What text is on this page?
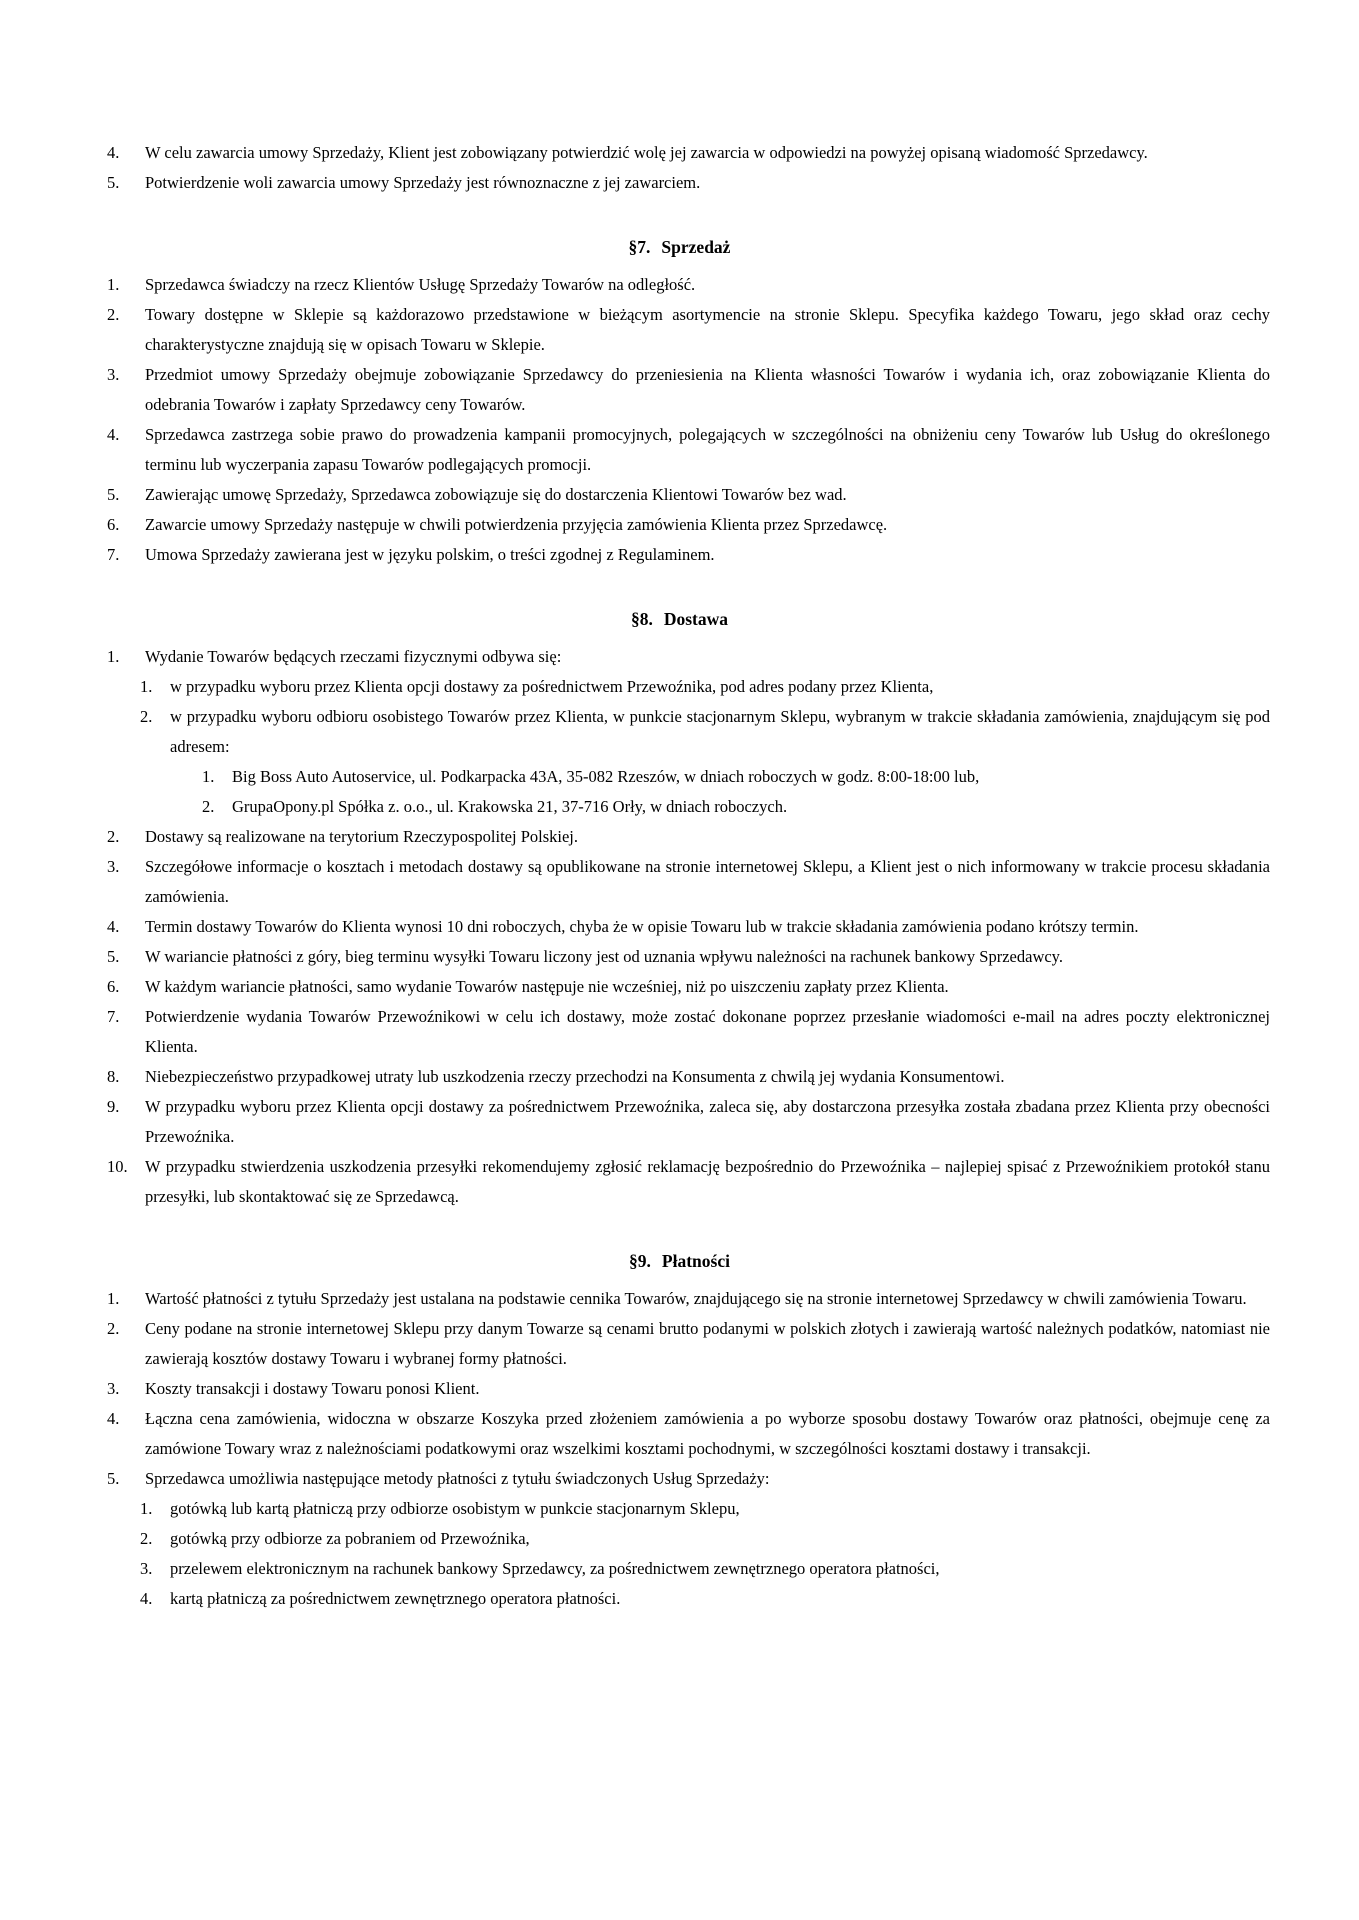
4.	W celu zawarcia umowy Sprzedaży, Klient jest zobowiązany potwierdzić wolę jej zawarcia w odpowiedzi na powyżej opisaną wiadomość Sprzedawcy.
5.	Potwierdzenie woli zawarcia umowy Sprzedaży jest równoznaczne z jej zawarciem.
§7. Sprzedaż
1.	Sprzedawca świadczy na rzecz Klientów Usługę Sprzedaży Towarów na odległość.
2.	Towary dostępne w Sklepie są każdorazowo przedstawione w bieżącym asortymencie na stronie Sklepu. Specyfika każdego Towaru, jego skład oraz cechy charakterystyczne znajdują się w opisach Towaru w Sklepie.
3.	Przedmiot umowy Sprzedaży obejmuje zobowiązanie Sprzedawcy do przeniesienia na Klienta własności Towarów i wydania ich, oraz zobowiązanie Klienta do odebrania Towarów i zapłaty Sprzedawcy ceny Towarów.
4.	Sprzedawca zastrzega sobie prawo do prowadzenia kampanii promocyjnych, polegających w szczególności na obniżeniu ceny Towarów lub Usług do określonego terminu lub wyczerpania zapasu Towarów podlegających promocji.
5.	Zawierając umowę Sprzedaży, Sprzedawca zobowiązuje się do dostarczenia Klientowi Towarów bez wad.
6.	Zawarcie umowy Sprzedaży następuje w chwili potwierdzenia przyjęcia zamówienia Klienta przez Sprzedawcę.
7.	Umowa Sprzedaży zawierana jest w języku polskim, o treści zgodnej z Regulaminem.
§8. Dostawa
1.	Wydanie Towarów będących rzeczami fizycznymi odbywa się:
1.	w przypadku wyboru przez Klienta opcji dostawy za pośrednictwem Przewoźnika, pod adres podany przez Klienta,
2.	w przypadku wyboru odbioru osobistego Towarów przez Klienta, w punkcie stacjonarnym Sklepu, wybranym w trakcie składania zamówienia, znajdującym się pod adresem:
1.	Big Boss Auto Autoservice, ul. Podkarpacka 43A, 35-082 Rzeszów, w dniach roboczych w godz. 8:00-18:00 lub,
2.	GrupaOpony.pl Spółka z. o.o., ul. Krakowska 21, 37-716 Orły, w dniach roboczych.
2.	Dostawy są realizowane na terytorium Rzeczypospolitej Polskiej.
3.	Szczegółowe informacje o kosztach i metodach dostawy są opublikowane na stronie internetowej Sklepu, a Klient jest o nich informowany w trakcie procesu składania zamówienia.
4.	Termin dostawy Towarów do Klienta wynosi 10 dni roboczych, chyba że w opisie Towaru lub w trakcie składania zamówienia podano krótszy termin.
5.	W wariancie płatności z góry, bieg terminu wysyłki Towaru liczony jest od uznania wpływu należności na rachunek bankowy Sprzedawcy.
6.	W każdym wariancie płatności, samo wydanie Towarów następuje nie wcześniej, niż po uiszczeniu zapłaty przez Klienta.
7.	Potwierdzenie wydania Towarów Przewoźnikowi w celu ich dostawy, może zostać dokonane poprzez przesłanie wiadomości e-mail na adres poczty elektronicznej Klienta.
8.	Niebezpieczeństwo przypadkowej utraty lub uszkodzenia rzeczy przechodzi na Konsumenta z chwilą jej wydania Konsumentowi.
9.	W przypadku wyboru przez Klienta opcji dostawy za pośrednictwem Przewoźnika, zaleca się, aby dostarczona przesyłka została zbadana przez Klienta przy obecności Przewoźnika.
10.	W przypadku stwierdzenia uszkodzenia przesyłki rekomendujemy zgłosić reklamację bezpośrednio do Przewoźnika – najlepiej spisać z Przewoźnikiem protokół stanu przesyłki, lub skontaktować się ze Sprzedawcą.
§9. Płatności
1.	Wartość płatności z tytułu Sprzedaży jest ustalana na podstawie cennika Towarów, znajdującego się na stronie internetowej Sprzedawcy w chwili zamówienia Towaru.
2.	Ceny podane na stronie internetowej Sklepu przy danym Towarze są cenami brutto podanymi w polskich złotych i zawierają wartość należnych podatków, natomiast nie zawierają kosztów dostawy Towaru i wybranej formy płatności.
3.	Koszty transakcji i dostawy Towaru ponosi Klient.
4.	Łączna cena zamówienia, widoczna w obszarze Koszyka przed złożeniem zamówienia a po wyborze sposobu dostawy Towarów oraz płatności, obejmuje cenę za zamówione Towary wraz z należnościami podatkowymi oraz wszelkimi kosztami pochodnymi, w szczególności kosztami dostawy i transakcji.
5.	Sprzedawca umożliwia następujące metody płatności z tytułu świadczonych Usług Sprzedaży:
1.	gotówką lub kartą płatniczą przy odbiorze osobistym w punkcie stacjonarnym Sklepu,
2.	gotówką przy odbiorze za pobraniem od Przewoźnika,
3.	przelewem elektronicznym na rachunek bankowy Sprzedawcy, za pośrednictwem zewnętrznego operatora płatności,
4.	kartą płatniczą za pośrednictwem zewnętrznego operatora płatności.
